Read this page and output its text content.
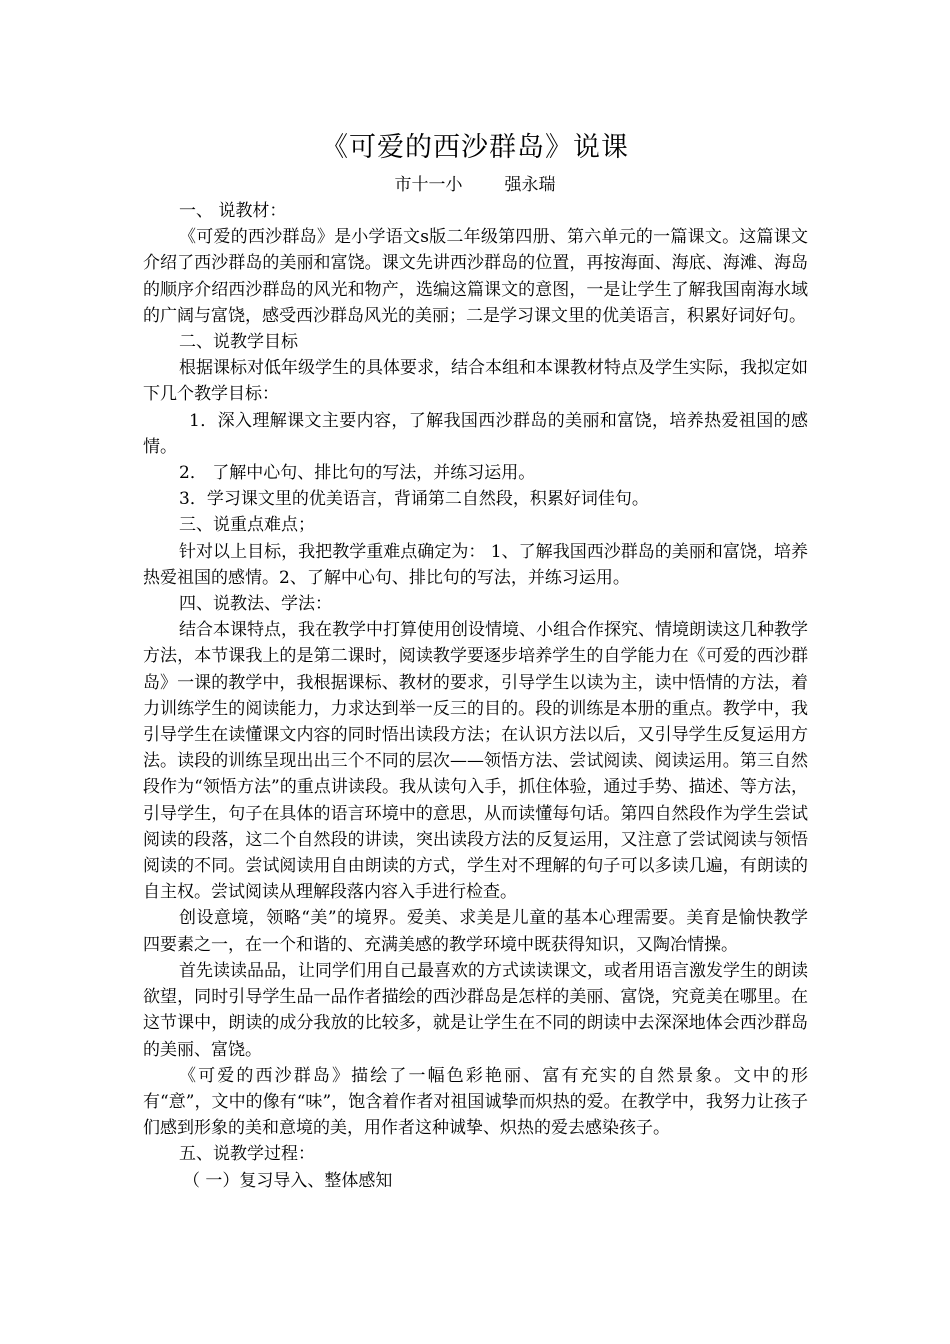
《可爱的西沙群岛》说课
市十一小 强永瑞

一、 说教材：

《可爱的西沙群岛》是小学语文s版二年级第四册、第六单元的一篇课文。这篇课文介绍了西沙群岛的美丽和富饶。课文先讲西沙群岛的位置，再按海面、海底、海滩、海岛的顺序介绍西沙群岛的风光和物产，选编这篇课文的意图，一是让学生了解我国南海水域的广阔与富饶，感受西沙群岛风光的美丽；二是学习课文里的优美语言，积累好词好句。

二、说教学目标

根据课标对低年级学生的具体要求，结合本组和本课教材特点及学生实际，我拟定如下几个教学目标：

1．深入理解课文主要内容，了解我国西沙群岛的美丽和富饶，培养热爱祖国的感情。

2． 了解中心句、排比句的写法，并练习运用。

3．学习课文里的优美语言，背诵第二自然段，积累好词佳句。

三、说重点难点；

针对以上目标，我把教学重难点确定为： 1、了解我国西沙群岛的美丽和富饶，培养热爱祖国的感情。2、了解中心句、排比句的写法，并练习运用。

四、说教法、学法：

结合本课特点，我在教学中打算使用创设情境、小组合作探究、情境朗读这几种教学方法，本节课我上的是第二课时，阅读教学要逐步培养学生的自学能力在《可爱的西沙群岛》一课的教学中，我根据课标、教材的要求，引导学生以读为主，读中悟情的方法，着力训练学生的阅读能力，力求达到举一反三的目的。段的训练是本册的重点。教学中，我引导学生在读懂课文内容的同时悟出读段方法；在认识方法以后，又引导学生反复运用方法。读段的训练呈现出出三个不同的层次——领悟方法、尝试阅读、阅读运用。第三自然段作为“领悟方法”的重点讲读段。我从读句入手，抓住体验，通过手势、描述、等方法，引导学生，句子在具体的语言环境中的意思，从而读懂每句话。第四自然段作为学生尝试阅读的段落，这二个自然段的讲读，突出读段方法的反复运用，又注意了尝试阅读与领悟阅读的不同。尝试阅读用自由朗读的方式，学生对不理解的句子可以多读几遍，有朗读的自主权。尝试阅读从理解段落内容入手进行检查。

创设意境，领略“美”的境界。爱美、求美是儿童的基本心理需要。美育是愉快教学四要素之一，在一个和谐的、充满美感的教学环境中既获得知识，又陶冶情操。

首先读读品品，让同学们用自己最喜欢的方式读读课文，或者用语言激发学生的朗读欲望，同时引导学生品一品作者描绘的西沙群岛是怎样的美丽、富饶，究竟美在哪里。在这节课中，朗读的成分我放的比较多，就是让学生在不同的朗读中去深深地体会西沙群岛的美丽、富饶。

《可爱的西沙群岛》描绘了一幅色彩艳丽、富有充实的自然景象。文中的形有“意”，文中的像有“味”，饱含着作者对祖国诚挚而炽热的爱。在教学中，我努力让孩子们感到形象的美和意境的美，用作者这种诚挚、炽热的爱去感染孩子。

五、说教学过程：

（ 一）复习导入、整体感知
